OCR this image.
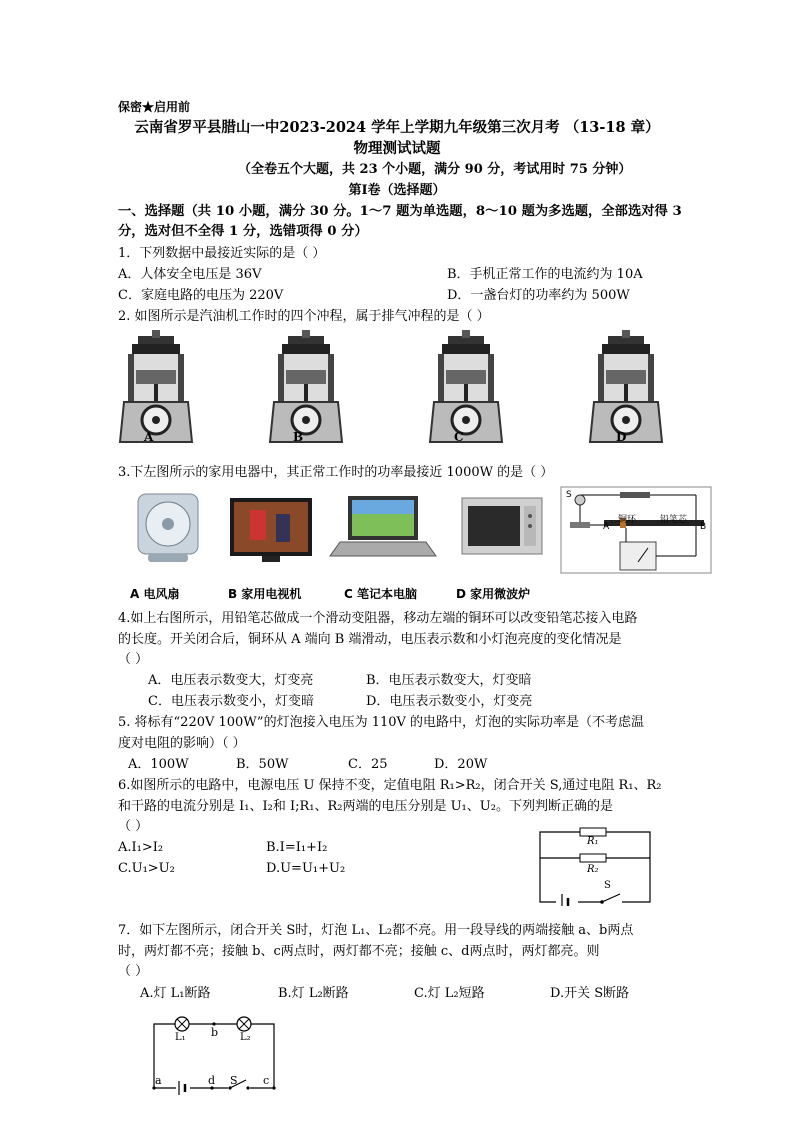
保密★启用前
云南省罗平县腊山一中2023-2024 学年上学期九年级第三次月考 （13-18 章）
物理测试试题
（全卷五个大题，共 23 个小题，满分 90 分，考试用时 75 分钟）
第Ⅰ卷（选择题）
一、选择题（共 10 小题，满分 30 分。1～7 题为单选题，8～10 题为多选题，全部选对得 3
分，选对但不全得 1 分，选错项得 0 分）
1．下列数据中最接近实际的是（ ）
A．人体安全电压是 36V	B．手机正常工作的电流约为 10A
C．家庭电路的电压为 220V	D．一盏台灯的功率约为 500W
2. 如图所示是汽油机工作时的四个冲程，属于排气冲程的是（ ）
A	B	C	D
3.下左图所示的家用电器中，其正常工作时的功率最接近 1000W 的是（ ）
A	B
铜环	铅笔芯
S
A 电风扇	B 家用电视机	C 笔记本电脑	D 家用微波炉
4.如上右图所示，用铅笔芯做成一个滑动变阻器，移动左端的铜环可以改变铅笔芯接入电路
的长度。开关闭合后，铜环从 A 端向 B 端滑动，电压表示数和小灯泡亮度的变化情况是
（ ）
A．电压表示数变大，灯变亮	B．电压表示数变大，灯变暗
C．电压表示数变小，灯变暗	D．电压表示数变小，灯变亮
5. 将标有“220V 100W”的灯泡接入电压为 110V 的电路中，灯泡的实际功率是（不考虑温
度对电阻的影响）（ ）
A．100W	B．50W	C．25	D．20W
6.如图所示的电路中，电源电压 U 保持不变，定值电阻 R₁>R₂，闭合开关 S,通过电阻 R₁、R₂
和干路的电流分别是 I₁、I₂和 I;R₁、R₂两端的电压分别是 U₁、U₂。下列判断正确的是
（ ）
A.I₁>I₂	B.I=I₁+I₂
C.U₁>U₂	D.U=U₁+U₂
R₁
R₂
S
7．如下左图所示，闭合开关 S时，灯泡 L₁、L₂都不亮。用一段导线的两端接触 a、b两点
时，两灯都不亮；接触 b、c两点时，两灯都不亮；接触 c、d两点时，两灯都亮。则
（ ）
A.灯 L₁断路	B.灯 L₂断路	C.灯 L₂短路	D.开关 S断路
L₁	L₂
b
a	d S c
